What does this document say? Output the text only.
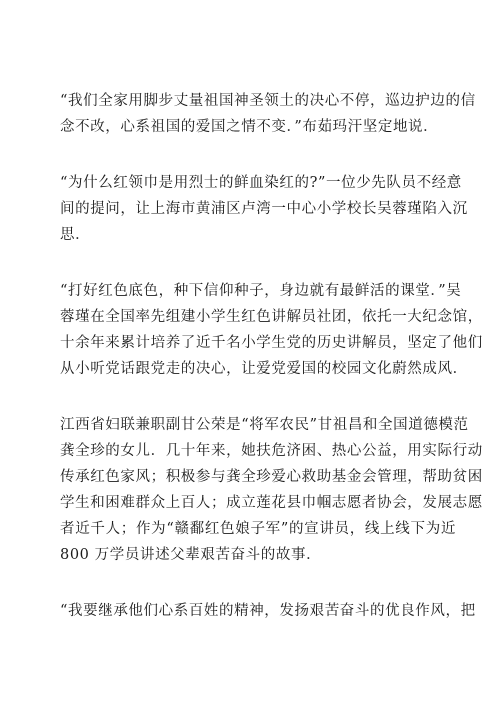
“我们全家用脚步丈量祖国神圣领土的决心不停，巡边护边的信
念不改，心系祖国的爱国之情不变．”布茹玛汗坚定地说．

“为什么红领巾是用烈士的鲜血染红的?”一位少先队员不经意
间的提问，让上海市黄浦区卢湾一中心小学校长吴蓉瑾陷入沉
思．

“打好红色底色，种下信仰种子，身边就有最鲜活的课堂．”吴
蓉瑾在全国率先组建小学生红色讲解员社团，依托一大纪念馆，
十余年来累计培养了近千名小学生党的历史讲解员，坚定了他们
从小听党话跟党走的决心，让爱党爱国的校园文化蔚然成风．

江西省妇联兼职副甘公荣是“将军农民”甘祖昌和全国道德模范
龚全珍的女儿．几十年来，她扶危济困、热心公益，用实际行动
传承红色家风；积极参与龚全珍爱心救助基金会管理，帮助贫困
学生和困难群众上百人；成立莲花县巾帼志愿者协会，发展志愿
者近千人；作为“赣鄱红色娘子军”的宣讲员，线上线下为近
800 万学员讲述父辈艰苦奋斗的故事．

“我要继承他们心系百姓的精神，发扬艰苦奋斗的优良作风，把
